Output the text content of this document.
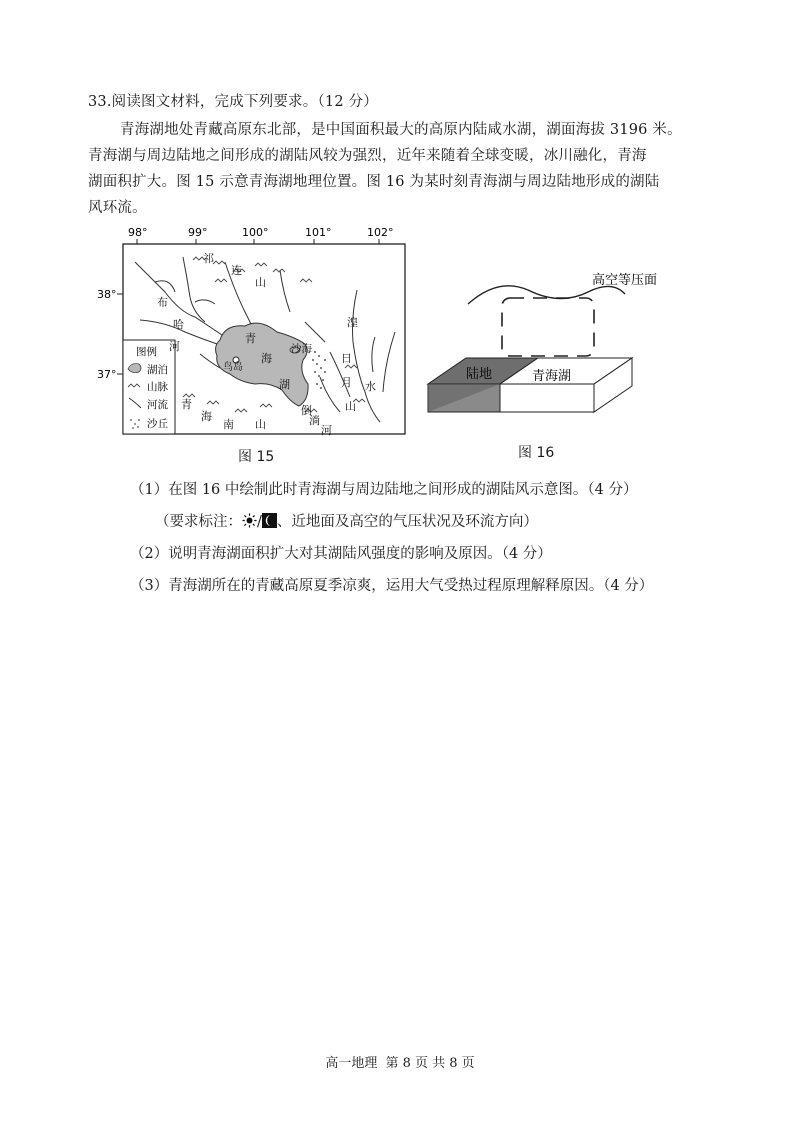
33.阅读图文材料，完成下列要求。（12 分）
青海湖地处青藏高原东北部，是中国面积最大的高原内陆咸水湖，湖面海拔 3196 米。
青海湖与周边陆地之间形成的湖陆风较为强烈，近年来随着全球变暖，冰川融化，青海
湖面积扩大。图 15 示意青海湖地理位置。图 16 为某时刻青海湖与周边陆地形成的湖陆
风环流。
98°	99°	100°	101°	102°
38°
37°
图例
湖泊
山脉
河流
沙丘
祁
连
山
布
哈
河
青
海
湖
鸟岛
沙海
湟
日
月
山
水
青
海
南 山
倒
淌
河
图 15
高空等压面
陆地	青海湖
图 16
（1）在图 16 中绘制此时青海湖与周边陆地之间形成的湖陆风示意图。（4 分）
（要求标注： / 、近地面及高空的气压状况及环流方向）
（2）说明青海湖面积扩大对其湖陆风强度的影响及原因。（4 分）
（3）青海湖所在的青藏高原夏季凉爽，运用大气受热过程原理解释原因。（4 分）
高一地理 第 8 页 共 8 页
